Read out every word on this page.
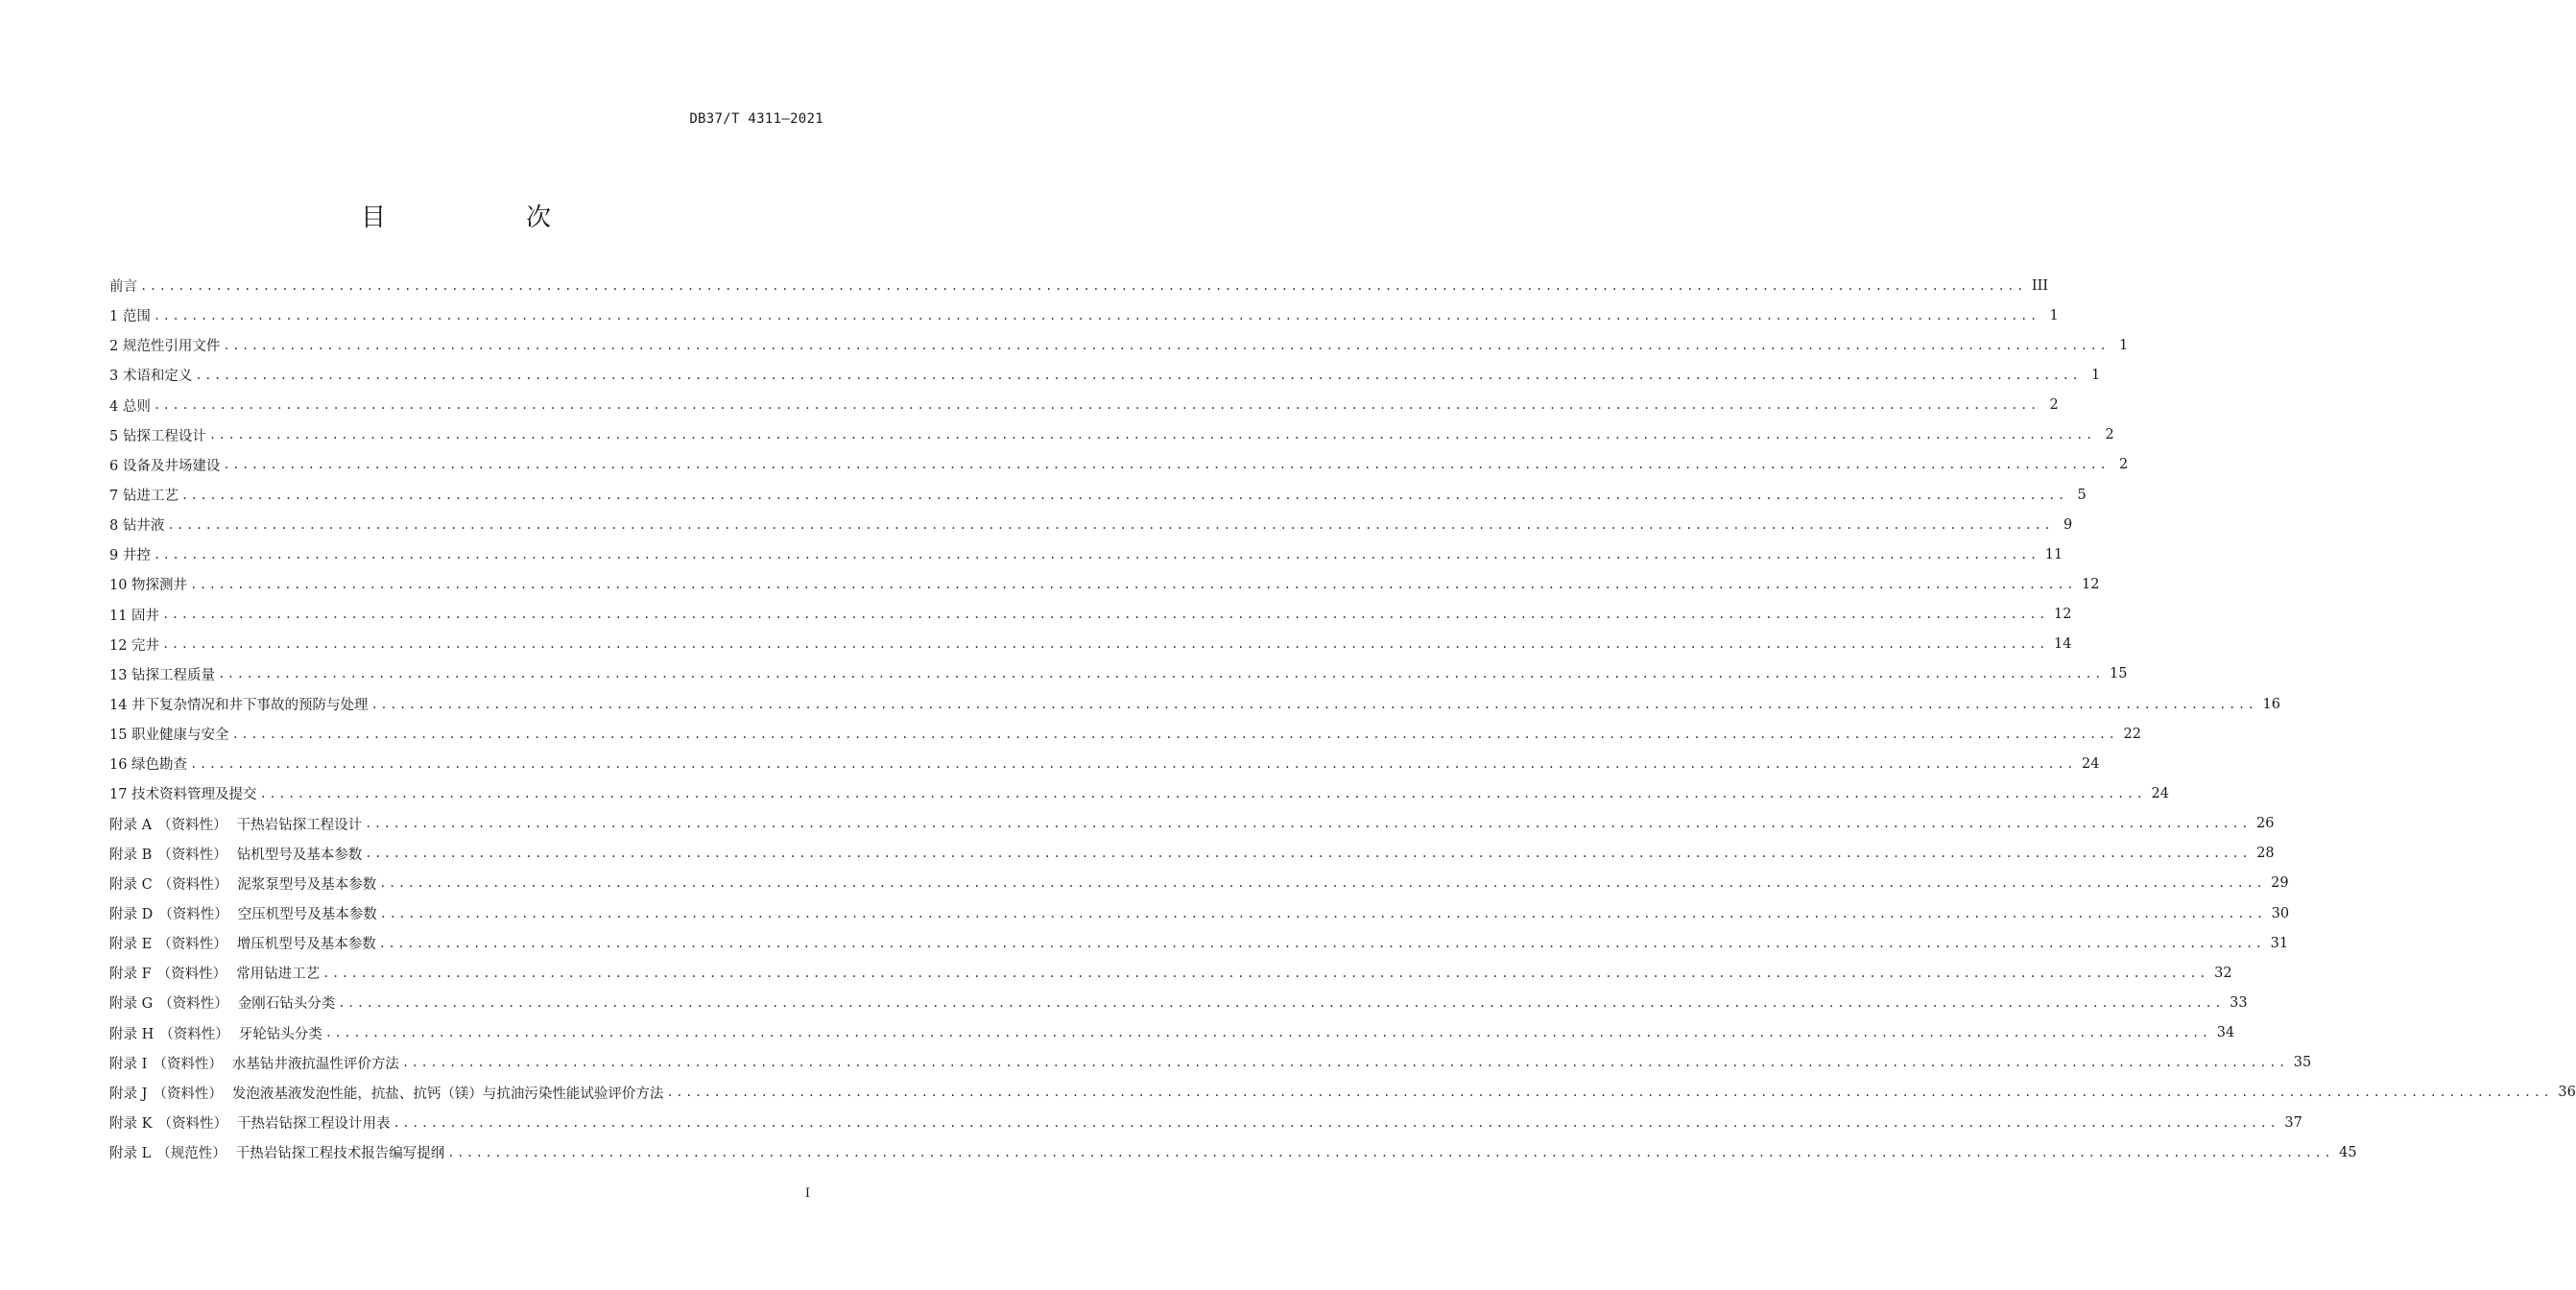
DB37/T 4311—2021
目　次
前言 ........................................................................................................................................................................................................ III
1 范围 ........................................................................................................................................................................................................ 1
2 规范性引用文件 ........................................................................................................................................................................................................ 1
3 术语和定义 ........................................................................................................................................................................................................ 1
4 总则 ........................................................................................................................................................................................................ 2
5 钻探工程设计 ........................................................................................................................................................................................................ 2
6 设备及井场建设 ........................................................................................................................................................................................................ 2
7 钻进工艺 ........................................................................................................................................................................................................ 5
8 钻井液 ........................................................................................................................................................................................................ 9
9 井控 ........................................................................................................................................................................................................ 11
10 物探测井 ........................................................................................................................................................................................................ 12
11 固井 ........................................................................................................................................................................................................ 12
12 完井 ........................................................................................................................................................................................................ 14
13 钻探工程质量 ........................................................................................................................................................................................................ 15
14 井下复杂情况和井下事故的预防与处理 ........................................................................................................................................................................................................ 16
15 职业健康与安全 ........................................................................................................................................................................................................ 22
16 绿色勘查 ........................................................................................................................................................................................................ 24
17 技术资料管理及提交 ........................................................................................................................................................................................................ 24
附录 A （资料性） 干热岩钻探工程设计 ........................................................................................................................................................................................................ 26
附录 B （资料性） 钻机型号及基本参数 ........................................................................................................................................................................................................ 28
附录 C （资料性） 泥浆泵型号及基本参数 ........................................................................................................................................................................................................ 29
附录 D （资料性） 空压机型号及基本参数 ........................................................................................................................................................................................................ 30
附录 E （资料性） 增压机型号及基本参数 ........................................................................................................................................................................................................ 31
附录 F （资料性） 常用钻进工艺 ........................................................................................................................................................................................................ 32
附录 G （资料性） 金刚石钻头分类 ........................................................................................................................................................................................................ 33
附录 H （资料性） 牙轮钻头分类 ........................................................................................................................................................................................................ 34
附录 I （资料性） 水基钻井液抗温性评价方法 ........................................................................................................................................................................................................ 35
附录 J （资料性） 发泡液基液发泡性能，抗盐、抗钙（镁）与抗油污染性能试验评价方法 ........................................................................................................................................................................................................ 36
附录 K （资料性） 干热岩钻探工程设计用表 ........................................................................................................................................................................................................ 37
附录 L （规范性） 干热岩钻探工程技术报告编写提纲 ........................................................................................................................................................................................................ 45
I
